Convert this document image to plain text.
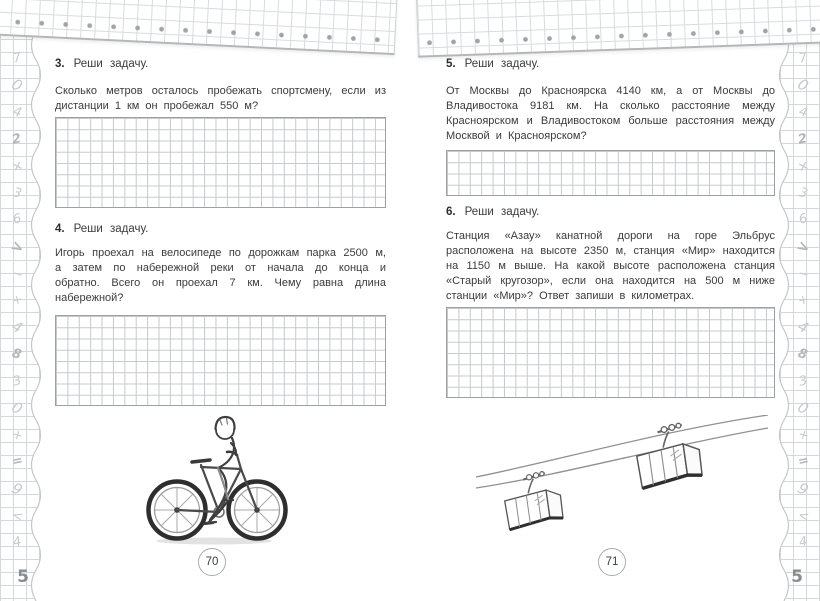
7
0
4
2
+
3
6
>
−
+
4
8
3
0
+
=
9
<
4
5
7
0
4
2
+
3
6
>
−
+
4
8
3
0
+
=
9
<
4
5
3. Реши задачу.

Сколько метров осталось пробежать спортсмену, если из дистанции 1 км он пробежал 550 м?

4. Реши задачу.

Игорь проехал на велосипеде по дорожкам парка 2500 м, а затем по набережной реки от начала до конца и обратно. Всего он проехал 7 км. Чему равна длина набережной?

70
5. Реши задачу.

От Москвы до Красноярска 4140 км, а от Москвы до Владивостока 9181 км. На сколько расстояние между Красноярском и Владивостоком больше расстояния между Москвой и Красноярском?

6. Реши задачу.

Станция «Азау» канатной дороги на горе Эльбрус расположена на высоте 2350 м, станция «Мир» находится на 1150 м выше. На какой высоте расположена станция «Старый кругозор», если она находится на 500 м ниже станции «Мир»? Ответ запиши в километрах.

71
